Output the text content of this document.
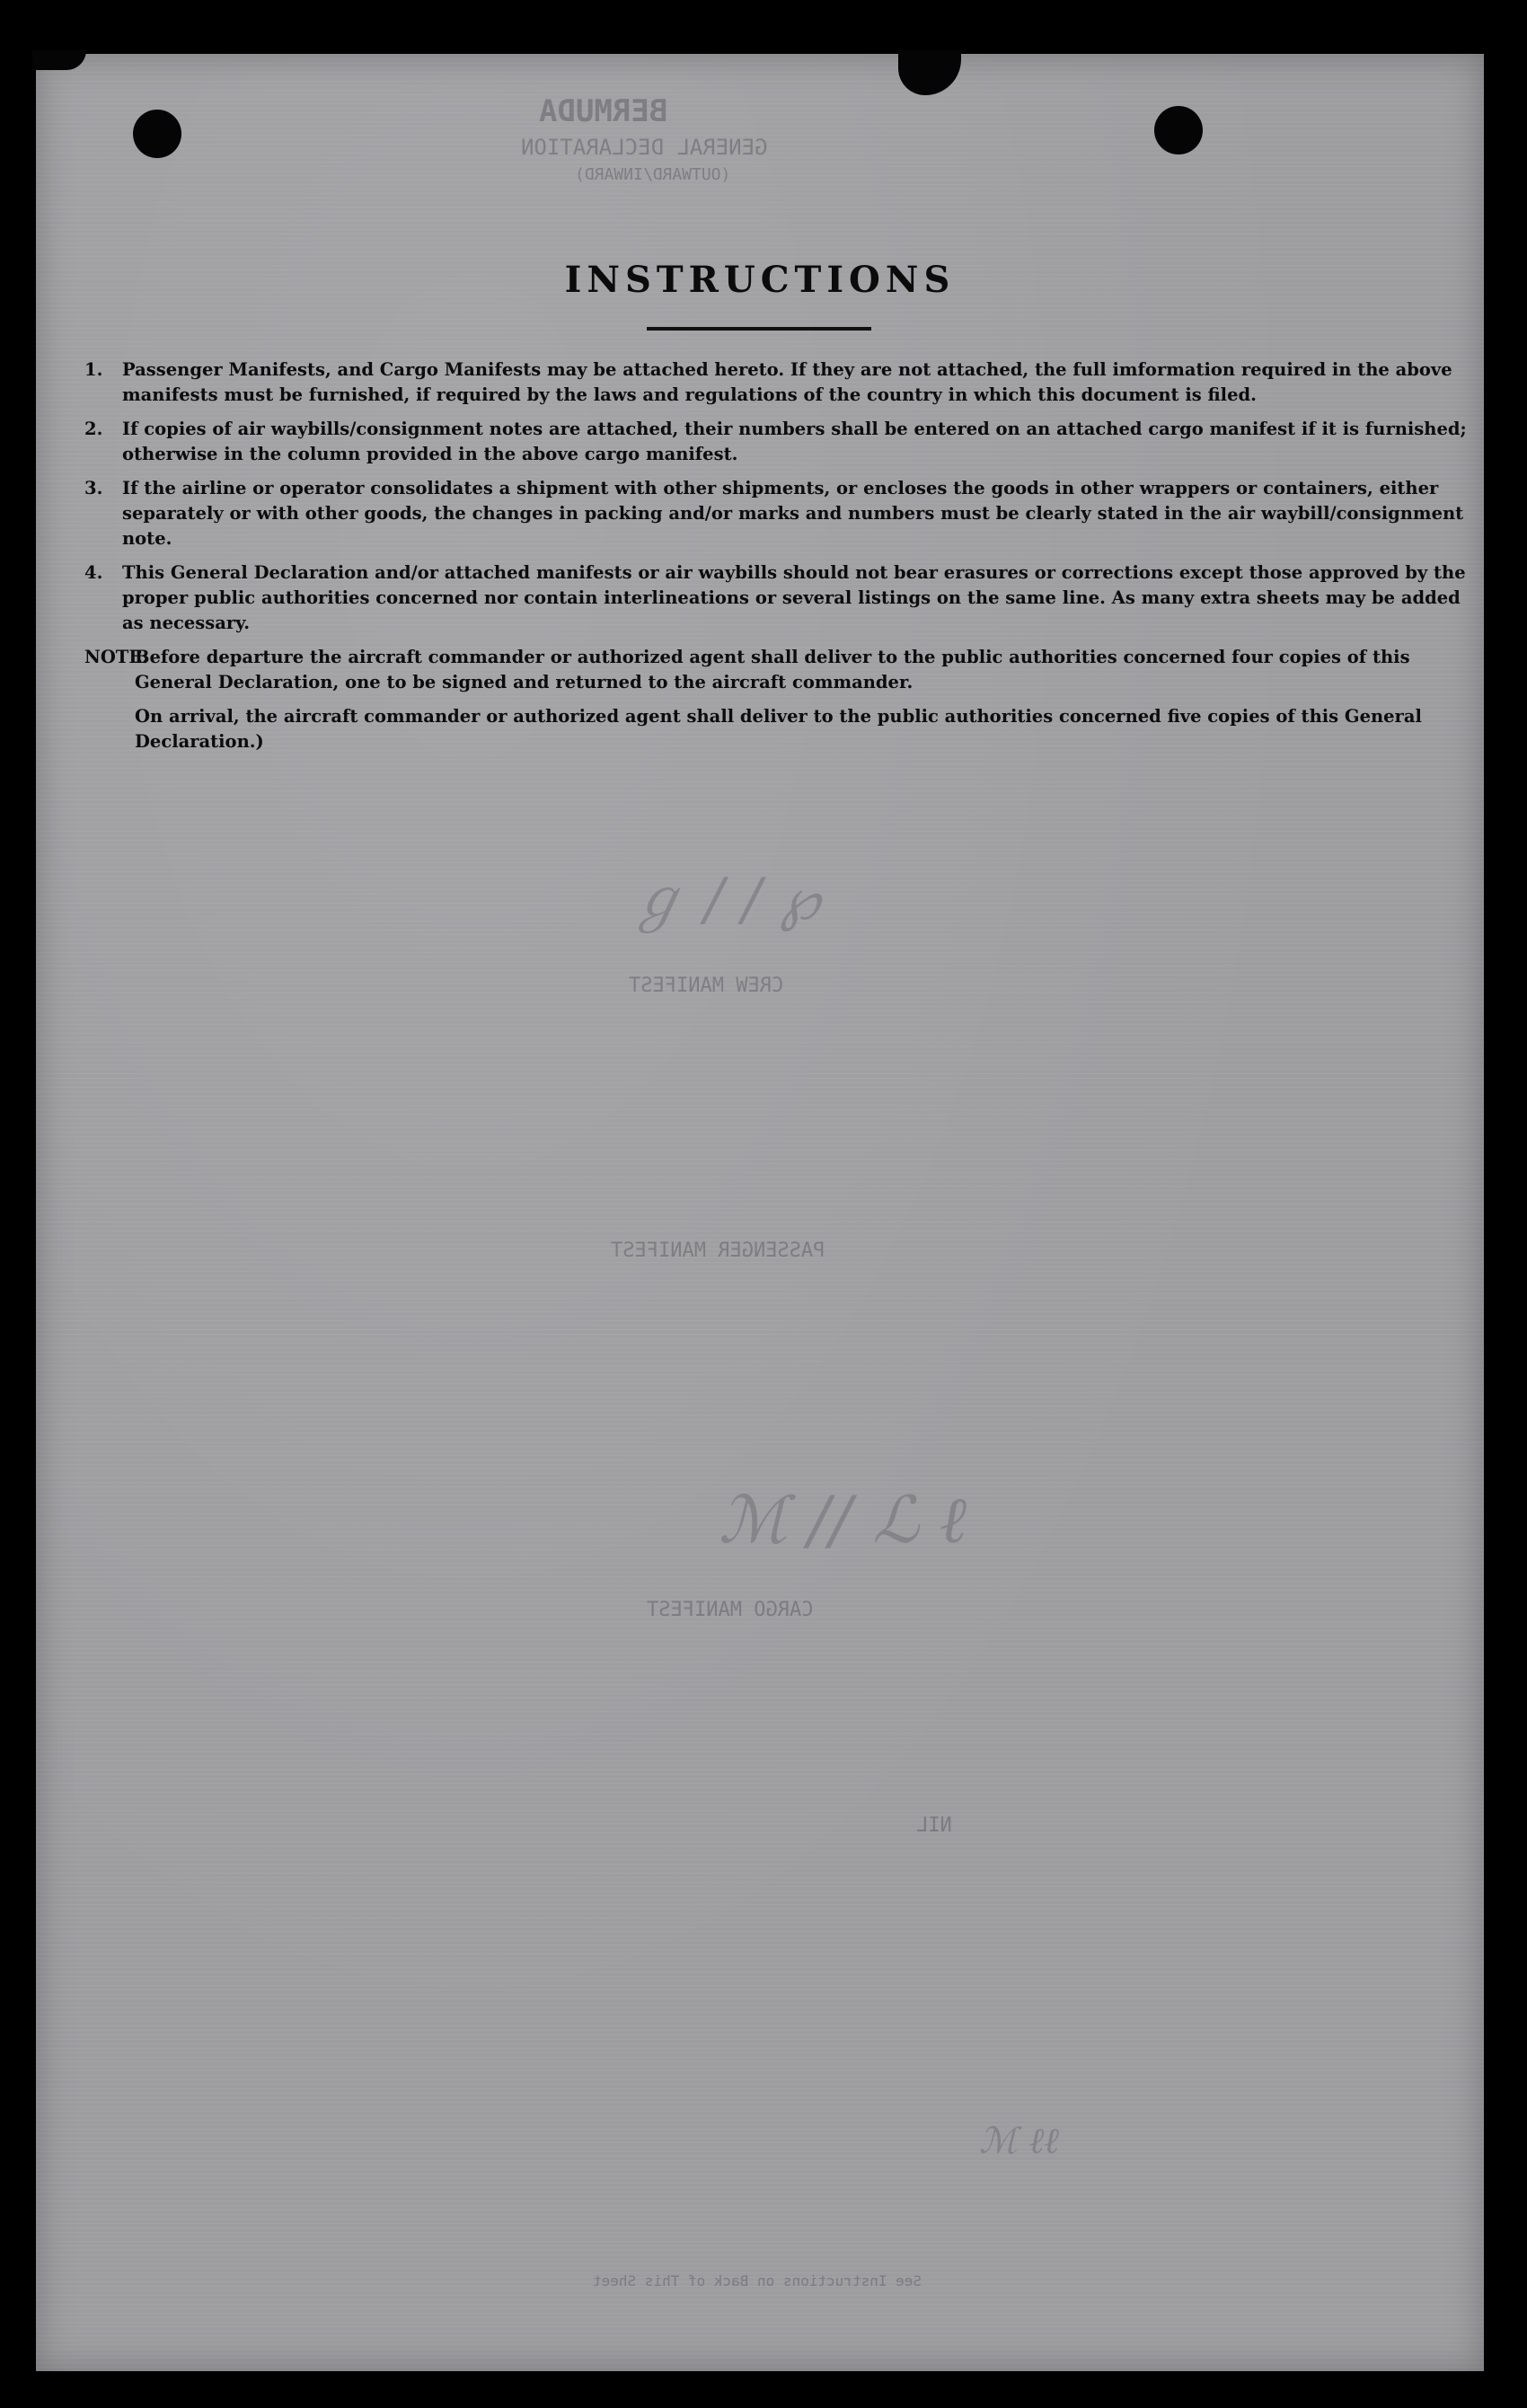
BERMUDA
GENERAL DECLARATION
(OUTWARD/INWARD)
CREW MANIFEST
PASSENGER MANIFEST
CARGO MANIFEST
NIL
See Instructions on Back of This Sheet
ℊ ∕ ∕ ℘
ℳ ∕∕ ℒ ℓ
ℳ ℓℓ
INSTRUCTIONS
1.	Passenger Manifests, and Cargo Manifests may be attached hereto. If they are not attached, the full imformation required in the above manifests must be furnished, if required by the laws and regulations of the country in which this document is filed.
2.	If copies of air waybills/consignment notes are attached, their numbers shall be entered on an attached cargo manifest if it is furnished; otherwise in the column provided in the above cargo manifest.
3.	If the airline or operator consolidates a shipment with other shipments, or encloses the goods in other wrappers or containers, either separately or with other goods, the changes in packing and/or marks and numbers must be clearly stated in the air waybill/consignment note.
4.	This General Declaration and/or attached manifests or air waybills should not bear erasures or corrections except those approved by the proper public authorities concerned nor contain interlineations or several listings on the same line. As many extra sheets may be added as necessary.
NOTE:
Before departure the aircraft commander or authorized agent shall deliver to the public authorities concerned four copies of this General Declaration, one to be signed and returned to the aircraft commander.
On arrival, the aircraft commander or authorized agent shall deliver to the public authorities concerned five copies of this General Declaration.)
